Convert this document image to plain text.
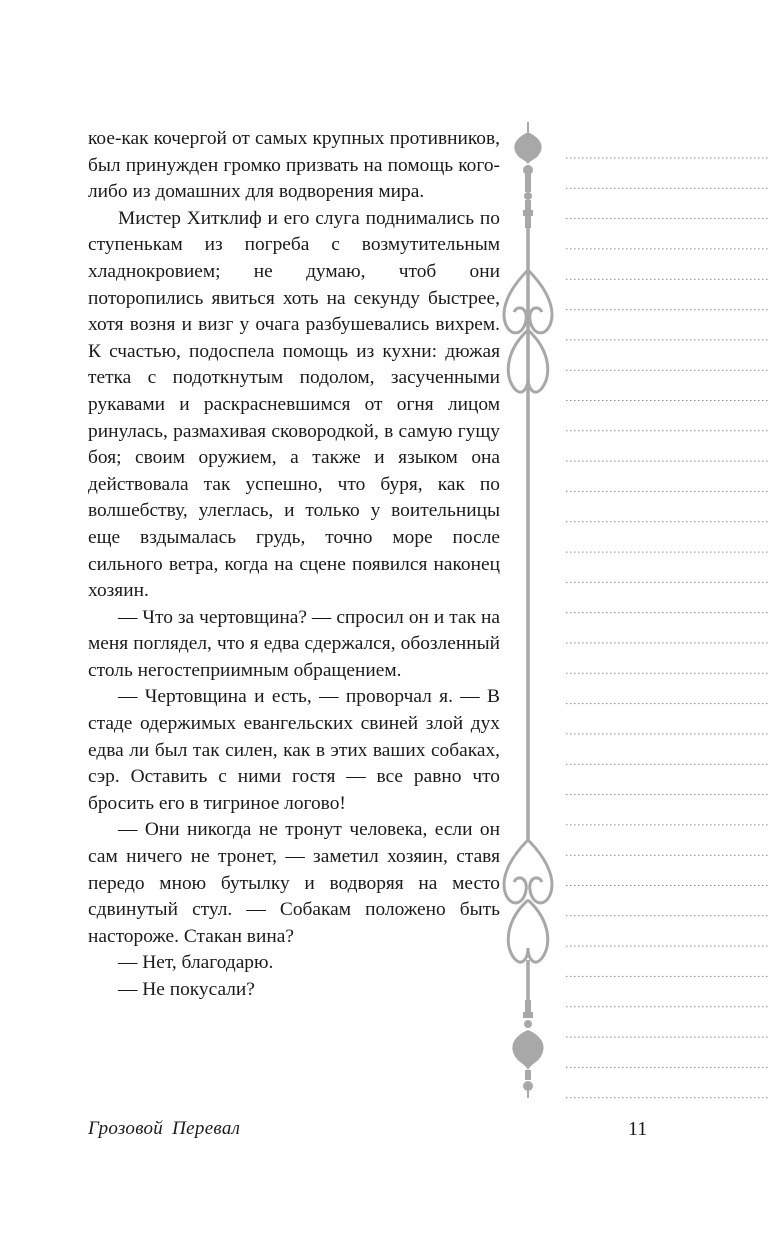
кое-как кочергой от самых крупных противников, был принужден громко призвать на помощь кого-либо из домашних для водворения мира.

Мистер Хитклиф и его слуга поднимались по ступенькам из погреба с возмутительным хладнокровием; не думаю, чтоб они поторопились явиться хоть на секунду быстрее, хотя возня и визг у очага разбушевались вихрем. К счастью, подоспела помощь из кухни: дюжая тетка с подоткнутым подолом, засученными рукавами и раскрасневшимся от огня лицом ринулась, размахивая сковородкой, в самую гущу боя; своим оружием, а также и языком она действовала так успешно, что буря, как по волшебству, улеглась, и только у воительницы еще вздымалась грудь, точно море после сильного ветра, когда на сцене появился наконец хозяин.

— Что за чертовщина? — спросил он и так на меня поглядел, что я едва сдержался, обозленный столь негостеприимным обращением.

— Чертовщина и есть, — проворчал я. — В стаде одержимых евангельских свиней злой дух едва ли был так силен, как в этих ваших собаках, сэр. Оставить с ними гостя — все равно что бросить его в тигриное логово!

— Они никогда не тронут человека, если он сам ничего не тронет, — заметил хозяин, ставя передо мною бутылку и водворяя на место сдвинутый стул. — Собакам положено быть настороже. Стакан вина?

— Нет, благодарю.

— Не покусали?

Грозовой Перевал	11
